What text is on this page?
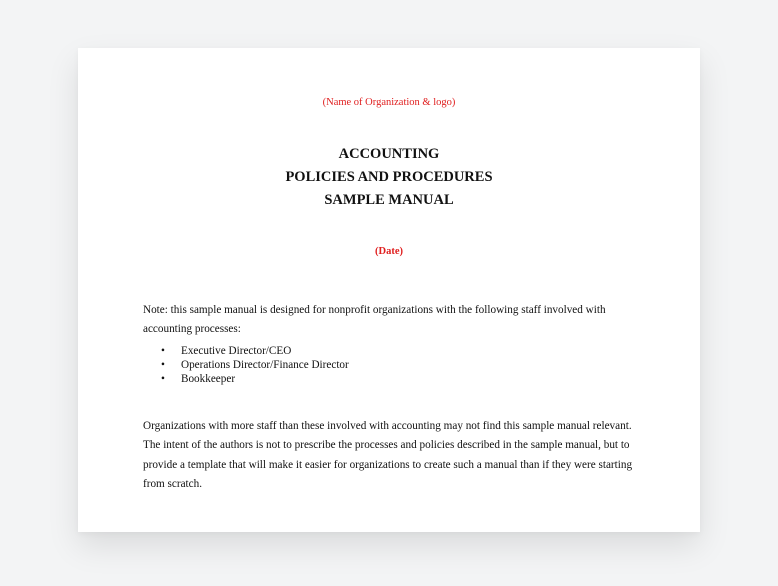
(Name of Organization & logo)
ACCOUNTING
POLICIES AND PROCEDURES
SAMPLE MANUAL
(Date)

Note: this sample manual is designed for nonprofit organizations with the following staff involved with accounting processes:

• Executive Director/CEO
• Operations Director/Finance Director
• Bookkeeper

Organizations with more staff than these involved with accounting may not find this sample manual relevant. The intent of the authors is not to prescribe the processes and policies described in the sample manual, but to provide a template that will make it easier for organizations to create such a manual than if they were starting from scratch.
